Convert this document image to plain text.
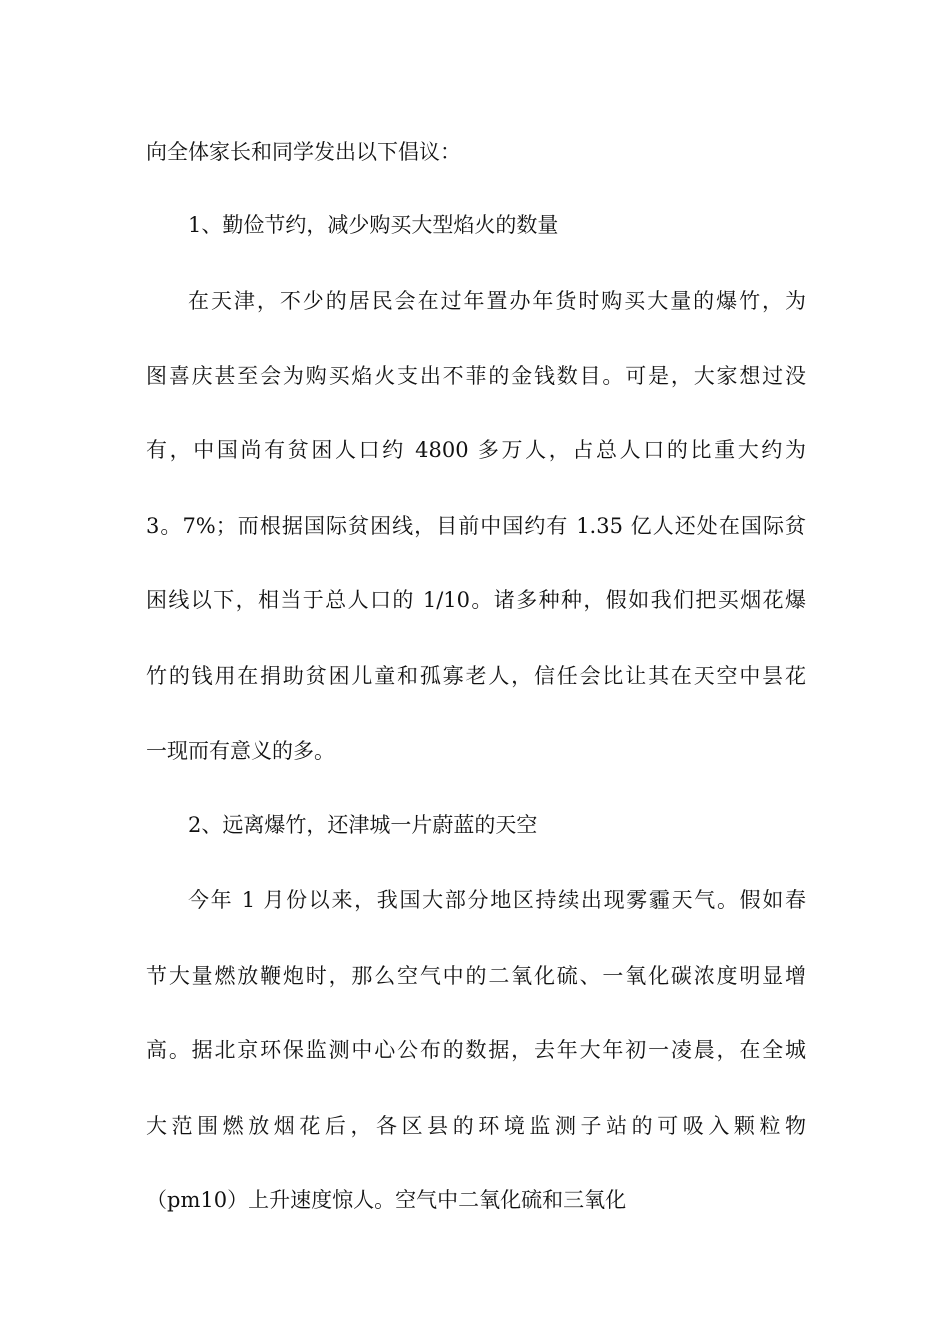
向全体家长和同学发出以下倡议：

1、勤俭节约，减少购买大型焰火的数量

在天津，不少的居民会在过年置办年货时购买大量的爆竹，为

图喜庆甚至会为购买焰火支出不菲的金钱数目。可是，大家想过没

有，中国尚有贫困人口约 4800 多万人，占总人口的比重大约为

3。7%；而根据国际贫困线，目前中国约有 1.35 亿人还处在国际贫

困线以下，相当于总人口的 1/10。诸多种种，假如我们把买烟花爆

竹的钱用在捐助贫困儿童和孤寡老人，信任会比让其在天空中昙花

一现而有意义的多。

2、远离爆竹，还津城一片蔚蓝的天空

今年 1 月份以来，我国大部分地区持续出现雾霾天气。假如春

节大量燃放鞭炮时，那么空气中的二氧化硫、一氧化碳浓度明显增

高。据北京环保监测中心公布的数据，去年大年初一凌晨，在全城

大范围燃放烟花后，各区县的环境监测子站的可吸入颗粒物

（pm10）上升速度惊人。空气中二氧化硫和三氧化
